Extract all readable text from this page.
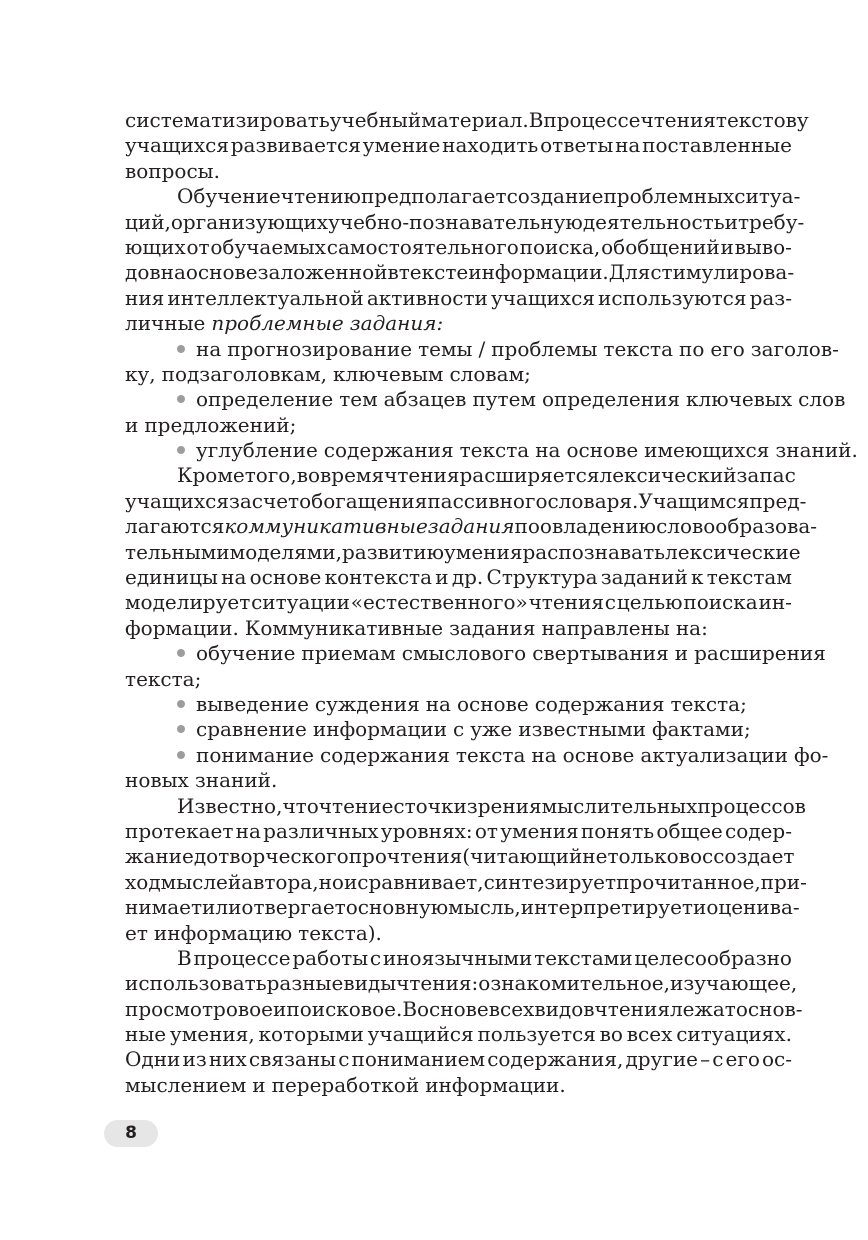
систематизировать учебный материал. В процессе чтения текстов у
учащихся развивается умение находить ответы на поставленные
вопросы.
Обучение чтению предполагает создание проблемных ситуа-
ций, организующих учебно-познавательную деятельность и требу-
ющих от обучаемых самостоятельного поиска, обобщений и выво-
дов на основе заложенной в тексте информации. Для стимулирова-
ния интеллектуальной активности учащихся используются раз-
личные проблемные задания:
на прогнозирование темы / проблемы текста по его заголов-
ку, подзаголовкам, ключевым словам;
определение тем абзацев путем определения ключевых слов
и предложений;
углубление содержания текста на основе имеющихся знаний.
Кроме того, во время чтения расширяется лексический запас
учащихся за счет обогащения пассивного словаря. Учащимся пред-
лагаются коммуникативные задания по овладению словообразова-
тельными моделями, развитию умения распознавать лексические
единицы на основе контекста и др. Структура заданий к текстам
моделирует ситуации «естественного» чтения с целью поиска ин-
формации. Коммуникативные задания направлены на:
обучение приемам смыслового свертывания и расширения
текста;
выведение суждения на основе содержания текста;
сравнение информации с уже известными фактами;
понимание содержания текста на основе актуализации фо-
новых знаний.
Известно, что чтение с точки зрения мыслительных процессов
протекает на различных уровнях: от умения понять общее содер-
жание до творческого прочтения (читающий не только воссоздает
ход мыслей автора, но и сравнивает, синтезирует прочитанное, при-
нимает или отвергает основную мысль, интерпретирует и оценива-
ет информацию текста).
В процессе работы с иноязычными текстами целесообразно
использовать разные виды чтения: ознакомительное, изучающее,
просмотровое и поисковое. В основе всех видов чтения лежат основ-
ные умения, которыми учащийся пользуется во всех ситуациях.
Одни из них связаны с пониманием содержания, другие – с его ос-
мыслением и переработкой информации.
8
